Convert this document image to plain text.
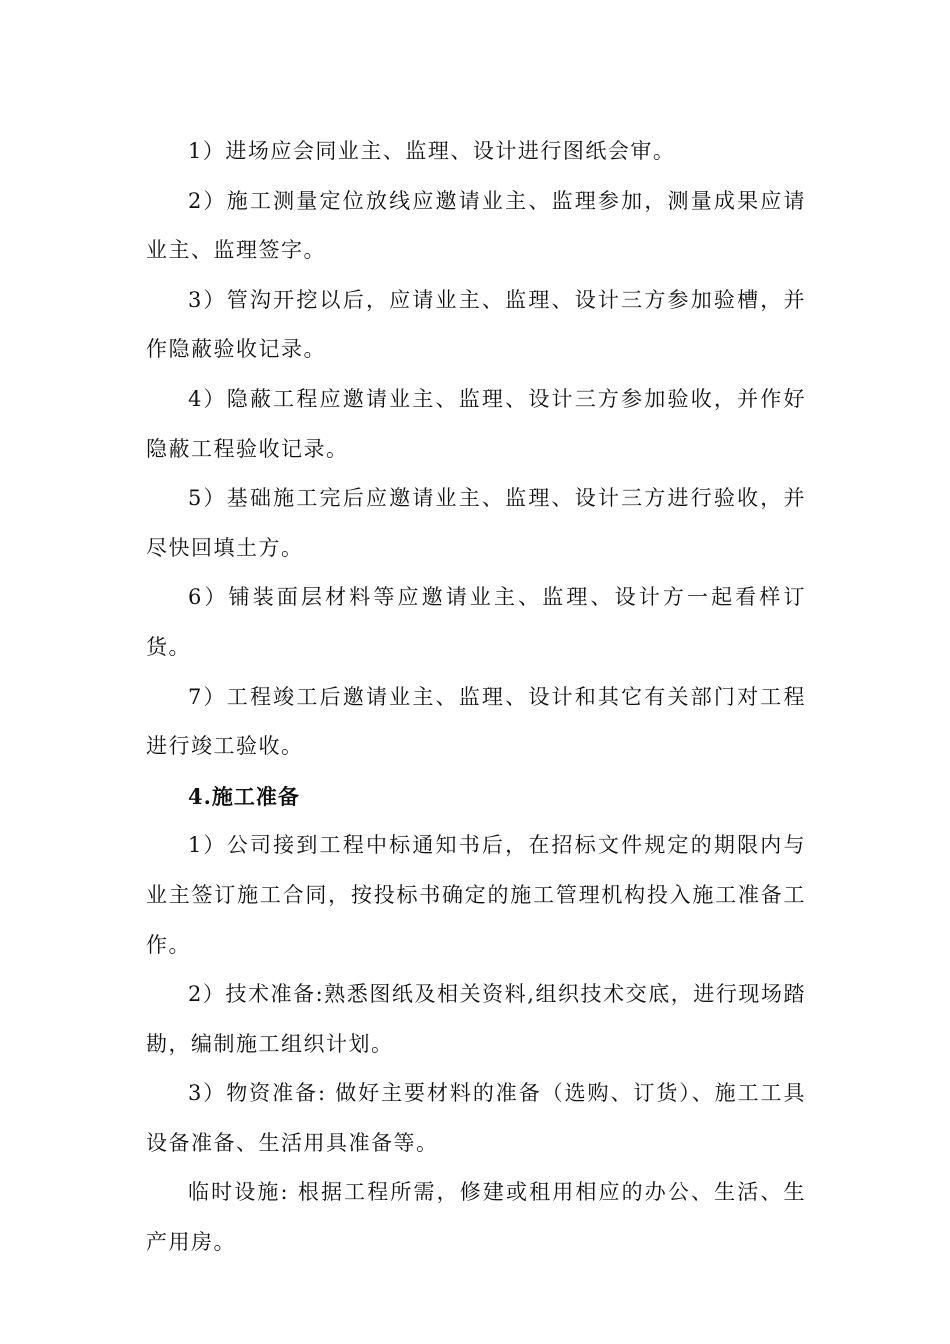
1）进场应会同业主、监理、设计进行图纸会审。

2）施工测量定位放线应邀请业主、监理参加，测量成果应请业主、监理签字。

3）管沟开挖以后，应请业主、监理、设计三方参加验槽，并作隐蔽验收记录。

4）隐蔽工程应邀请业主、监理、设计三方参加验收，并作好隐蔽工程验收记录。

5）基础施工完后应邀请业主、监理、设计三方进行验收，并尽快回填土方。

6）铺装面层材料等应邀请业主、监理、设计方一起看样订货。

7）工程竣工后邀请业主、监理、设计和其它有关部门对工程进行竣工验收。

4.施工准备

1）公司接到工程中标通知书后，在招标文件规定的期限内与业主签订施工合同，按投标书确定的施工管理机构投入施工准备工作。

2）技术准备:熟悉图纸及相关资料,组织技术交底，进行现场踏勘，编制施工组织计划。

3）物资准备: 做好主要材料的准备（选购、订货）、施工工具设备准备、生活用具准备等。

临时设施: 根据工程所需，修建或租用相应的办公、生活、生产用房。
